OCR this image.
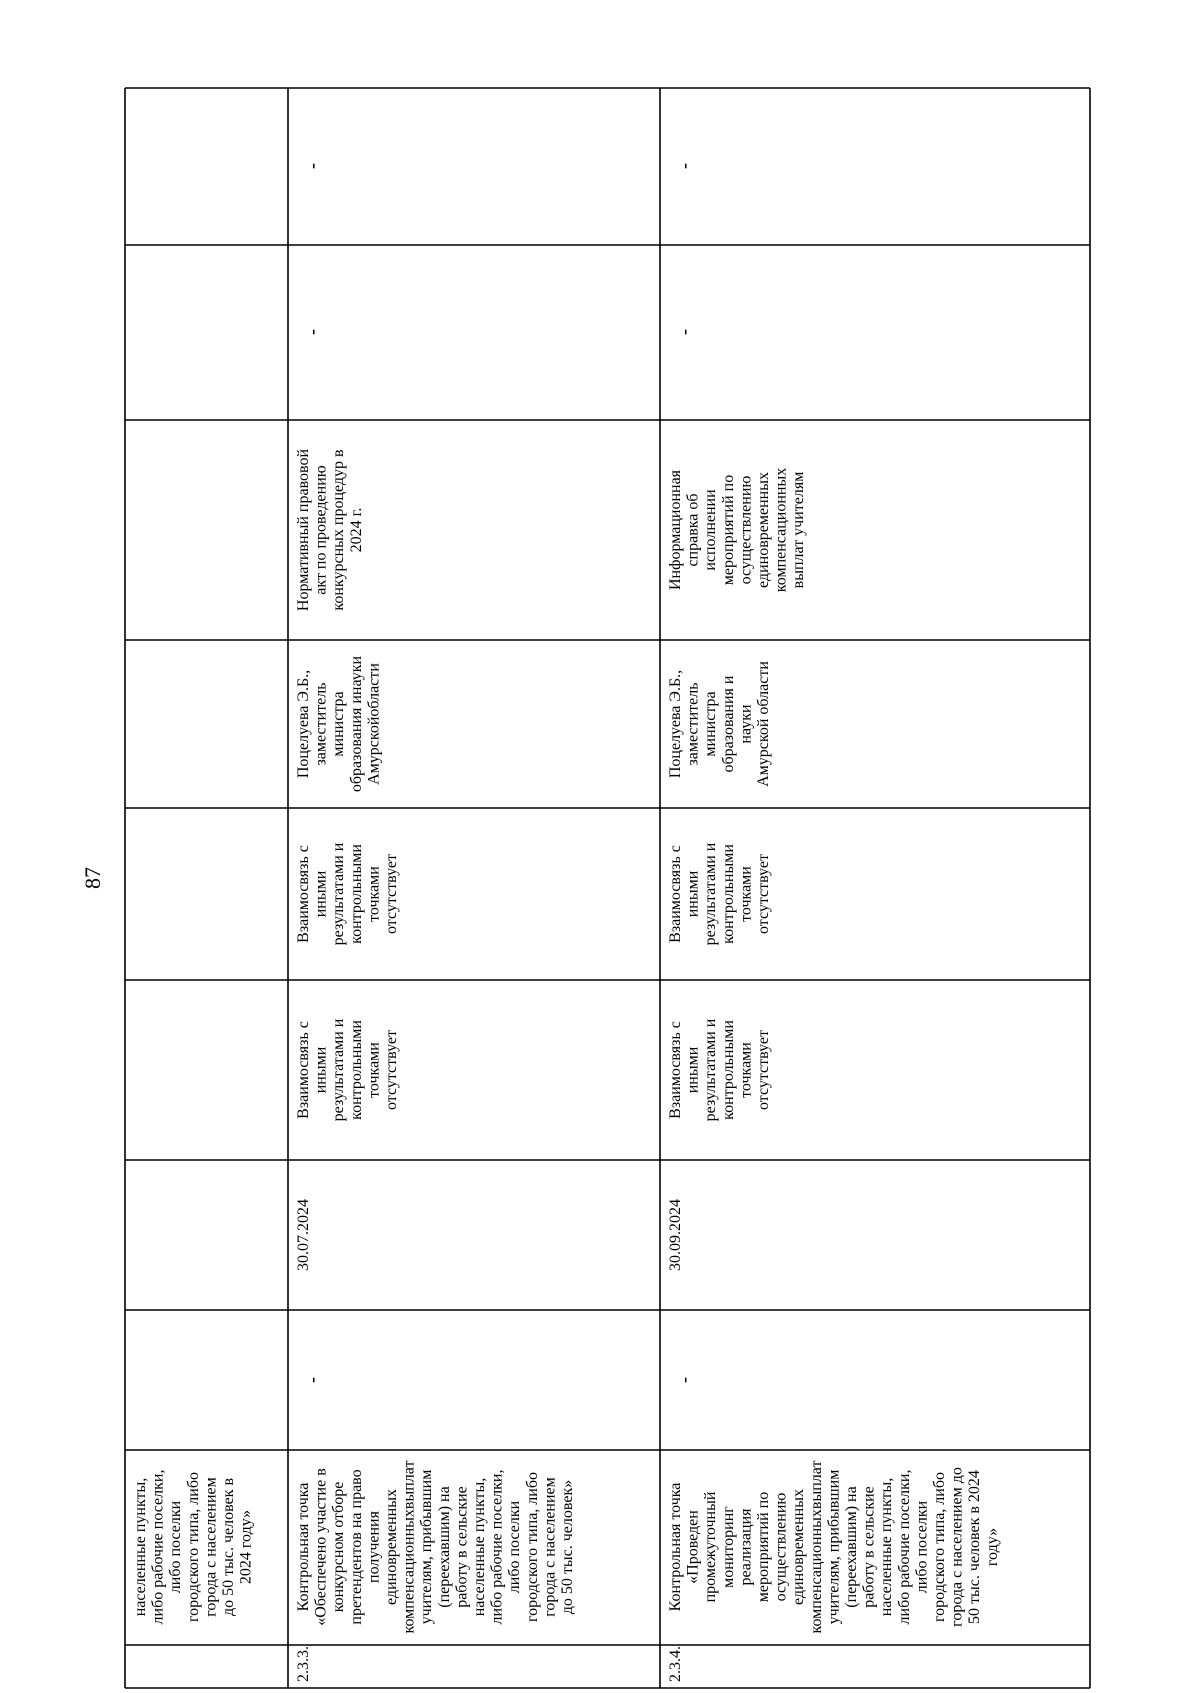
87
населенные пункты, либо рабочие поселки, либо поселки городского типа, либо города с населением до 50 тыс. человек в 2024 году»
2.3.3.
Контрольная точка «Обеспечено участие в конкурсном отборе претендентов на право получения единовременных компенсационныхвыплат учителям, прибывшим (переехавшим) на работу в сельские населенные пункты, либо рабочие поселки, либо поселки городского типа, либо города с населением до 50 тыс. человек»
-
30.07.2024
Взаимосвязь с иными результатами и контрольными точками отсутствует
Взаимосвязь с иными результатами и контрольными точками отсутствует
Поцелуева Э.Б., заместитель министра образования инауки Амурскойобласти
Нормативный правовой акт по проведению конкурсных процедур в 2024 г.
-
-
2.3.4.
Контрольная точка «Проведен промежуточный мониторинг реализация мероприятий по осуществлению единовременных компенсационныхвыплат учителям, прибывшим (переехавшим) на работу в сельские населенные пункты, либо рабочие поселки, либо поселки городского типа, либо города с населением до 50 тыс. человек в 2024 году»
-
30.09.2024
Взаимосвязь с иными результатами и контрольными точками отсутствует
Взаимосвязь с иными результатами и контрольными точками отсутствует
Поцелуева Э.Б., заместитель министра образования и науки Амурской области
Информационная справка об исполнении мероприятий по осуществлению единовременных компенсационных выплат учителям
-
-
